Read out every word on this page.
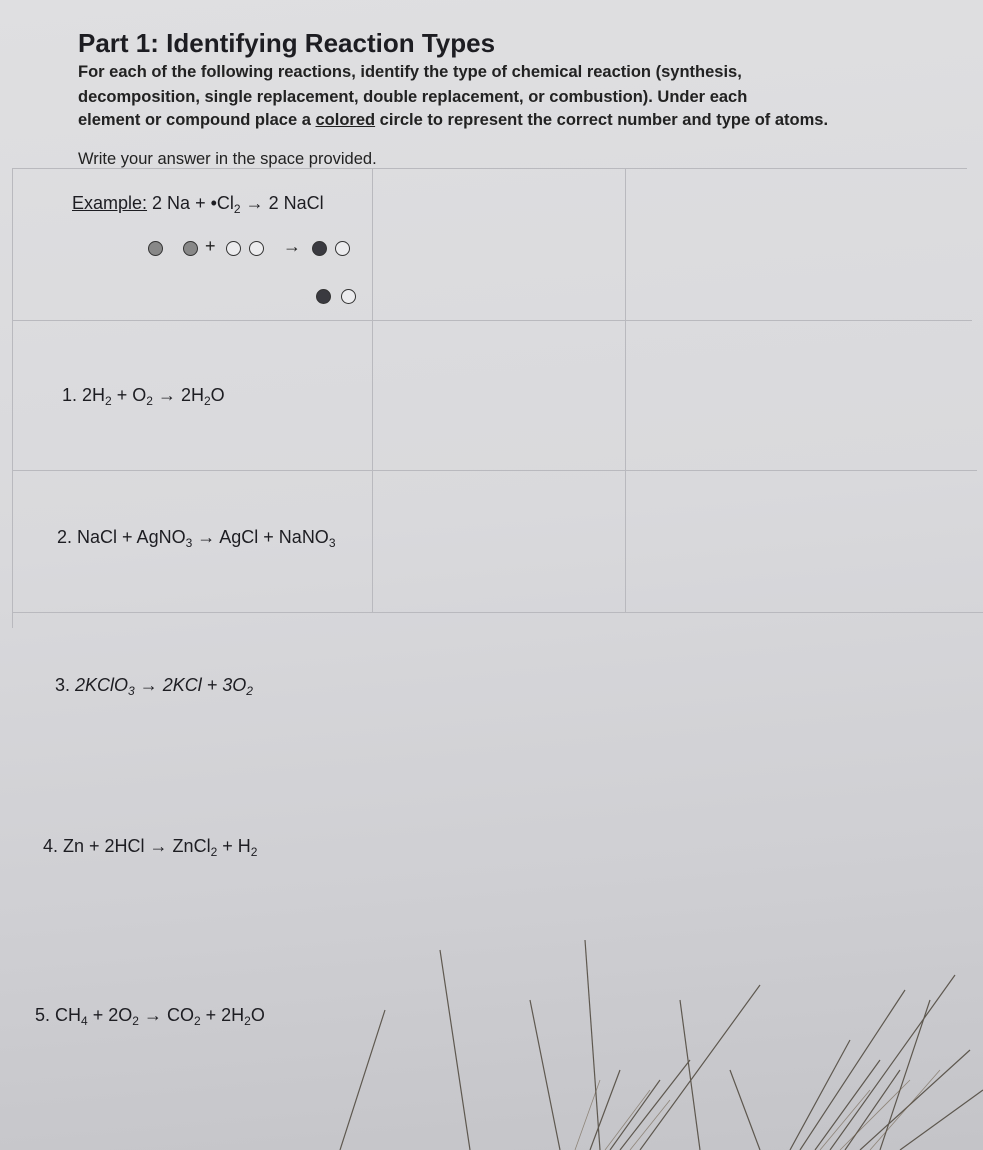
Part 1: Identifying Reaction Types
For each of the following reactions, identify the type of chemical reaction (synthesis,
decomposition, single replacement, double replacement, or combustion). Under each
element or compound place a colored circle to represent the correct number and type of atoms.
Write your answer in the space provided.
Example: 2 $Na + •Cl_2 \to 2$ NaCl
+	→
1. $2H_2 + O_2 \to 2H_2O$
2. NaCl + AgNO$_3$ → AgCl + NaNO$_3$
3. 2KClO$_3$ → $2KCl + 3O_2$
4. Zn + 2HCl → ZnCl$_2$ + $H_2$
5. $CH_4 + 2O_2 \to CO_2 + 2H_2O$
